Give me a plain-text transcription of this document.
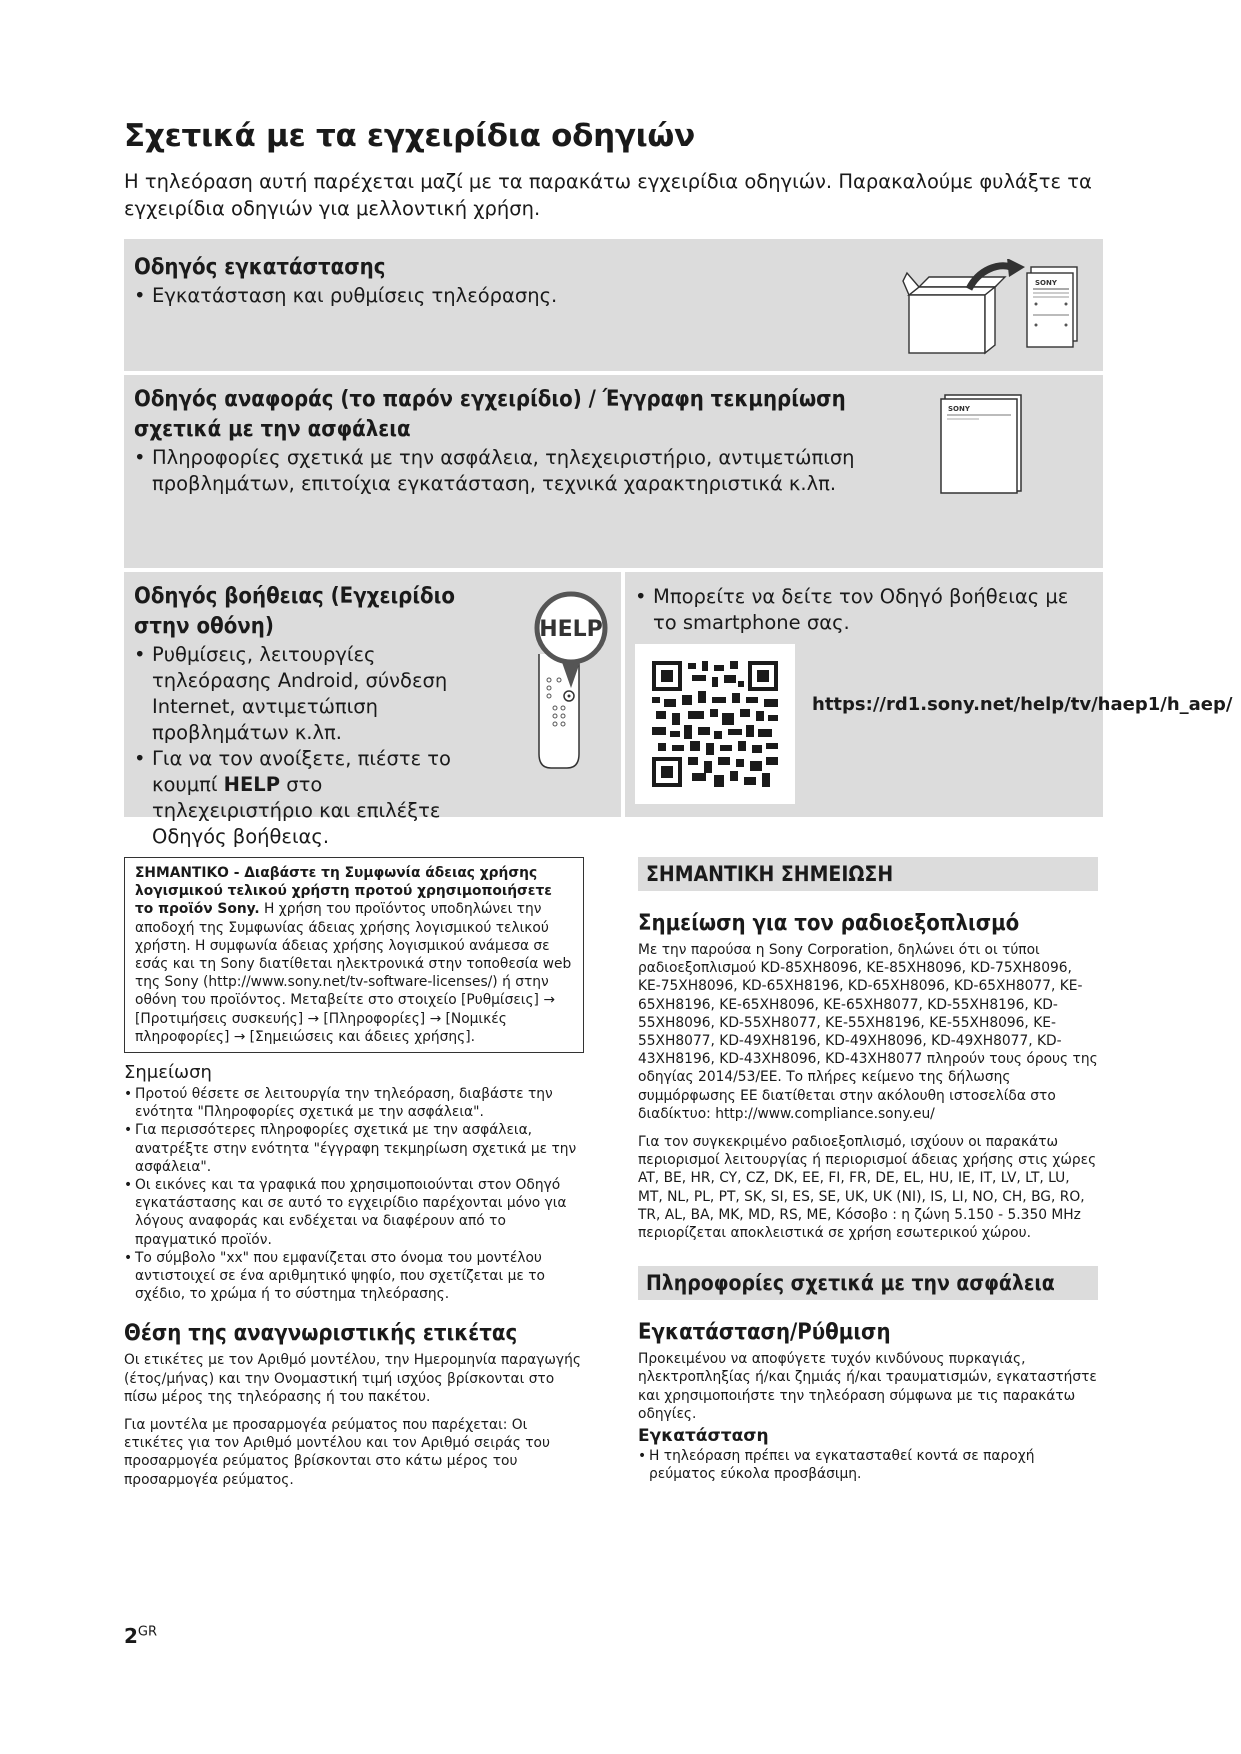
Σχετικά με τα εγχειρίδια οδηγιών

Η τηλεόραση αυτή παρέχεται μαζί με τα παρακάτω εγχειρίδια οδηγιών. Παρακαλούμε φυλάξτε τα εγχειρίδια οδηγιών για μελλοντική χρήση.

Οδηγός εγκατάστασης
• Εγκατάσταση και ρυθμίσεις τηλεόρασης.
SONY
Οδηγός αναφοράς (το παρόν εγχειρίδιο) / Έγγραφη τεκμηρίωση σχετικά με την ασφάλεια
• Πληροφορίες σχετικά με την ασφάλεια, τηλεχειριστήριο, αντιμετώπιση προβλημάτων, επιτοίχια εγκατάσταση, τεχνικά χαρακτηριστικά κ.λπ.
SONY
Οδηγός βοήθειας (Εγχειρίδιο στην οθόνη)
• Ρυθμίσεις, λειτουργίες τηλεόρασης Android, σύνδεση Internet, αντιμετώπιση προβλημάτων κ.λπ.
• Για να τον ανοίξετε, πιέστε το κουμπί HELP στο τηλεχειριστήριο και επιλέξτε Οδηγός βοήθειας.
HELP
• Μπορείτε να δείτε τον Οδηγό βοήθειας με το smartphone σας.

https://rd1.sony.net/help/tv/haep1/h_aep/

ΣΗΜΑΝΤΙΚΟ - Διαβάστε τη Συμφωνία άδειας χρήσης λογισμικού τελικού χρήστη προτού χρησιμοποιήσετε το προϊόν Sony. Η χρήση του προϊόντος υποδηλώνει την αποδοχή της Συμφωνίας άδειας χρήσης λογισμικού τελικού χρήστη. Η συμφωνία άδειας χρήσης λογισμικού ανάμεσα σε εσάς και τη Sony διατίθεται ηλεκτρονικά στην τοποθεσία web της Sony (http://www.sony.net/tv-software-licenses/) ή στην οθόνη του προϊόντος. Μεταβείτε στο στοιχείο [Ρυθμίσεις] → [Προτιμήσεις συσκευής] → [Πληροφορίες] → [Νομικές πληροφορίες] → [Σημειώσεις και άδειες χρήσης].

Σημείωση
• Προτού θέσετε σε λειτουργία την τηλεόραση, διαβάστε την ενότητα "Πληροφορίες σχετικά με την ασφάλεια".
• Για περισσότερες πληροφορίες σχετικά με την ασφάλεια, ανατρέξτε στην ενότητα "έγγραφη τεκμηρίωση σχετικά με την ασφάλεια".
• Οι εικόνες και τα γραφικά που χρησιμοποιούνται στον Οδηγό εγκατάστασης και σε αυτό το εγχειρίδιο παρέχονται μόνο για λόγους αναφοράς και ενδέχεται να διαφέρουν από το πραγματικό προϊόν.
• Το σύμβολο "xx" που εμφανίζεται στο όνομα του μοντέλου αντιστοιχεί σε ένα αριθμητικό ψηφίο, που σχετίζεται με το σχέδιο, το χρώμα ή το σύστημα τηλεόρασης.
Θέση της αναγνωριστικής ετικέτας

Οι ετικέτες με τον Αριθμό μοντέλου, την Ημερομηνία παραγωγής (έτος/μήνας) και την Ονομαστική τιμή ισχύος βρίσκονται στο πίσω μέρος της τηλεόρασης ή του πακέτου.

Για μοντέλα με προσαρμογέα ρεύματος που παρέχεται: Οι ετικέτες για τον Αριθμό μοντέλου και τον Αριθμό σειράς του προσαρμογέα ρεύματος βρίσκονται στο κάτω μέρος του προσαρμογέα ρεύματος.

ΣΗΜΑΝΤΙΚΗ ΣΗΜΕΙΩΣΗ
Σημείωση για τον ραδιοεξοπλισμό

Με την παρούσα η Sony Corporation, δηλώνει ότι οι τύποι ραδιοεξοπλισμού KD-85XH8096, KE-85XH8096, KD-75XH8096, KE-75XH8096, KD-65XH8196, KD-65XH8096, KD-65XH8077, KE-65XH8196, KE-65XH8096, KE-65XH8077, KD-55XH8196, KD-55XH8096, KD-55XH8077, KE-55XH8196, KE-55XH8096, KE-55XH8077, KD-49XH8196, KD-49XH8096, KD-49XH8077, KD-43XH8196, KD-43XH8096, KD-43XH8077 πληρούν τους όρους της οδηγίας 2014/53/ΕΕ. Το πλήρες κείμενο της δήλωσης συμμόρφωσης ΕΕ διατίθεται στην ακόλουθη ιστοσελίδα στο διαδίκτυο: http://www.compliance.sony.eu/

Για τον συγκεκριμένο ραδιοεξοπλισμό, ισχύουν οι παρακάτω περιορισμοί λειτουργίας ή περιορισμοί άδειας χρήσης στις χώρες AT, BE, HR, CY, CZ, DK, EE, FI, FR, DE, EL, HU, IE, IT, LV, LT, LU, MT, NL, PL, PT, SK, SI, ES, SE, UK, UK (NI), IS, LI, NO, CH, BG, RO, TR, AL, BA, MK, MD, RS, ME, Κόσοβο : η ζώνη 5.150 - 5.350 MHz περιορίζεται αποκλειστικά σε χρήση εσωτερικού χώρου.

Πληροφορίες σχετικά με την ασφάλεια
Εγκατάσταση/Ρύθμιση

Προκειμένου να αποφύγετε τυχόν κινδύνους πυρκαγιάς, ηλεκτροπληξίας ή/και ζημιάς ή/και τραυματισμών, εγκαταστήστε και χρησιμοποιήστε την τηλεόραση σύμφωνα με τις παρακάτω οδηγίες.

Εγκατάσταση
• Η τηλεόραση πρέπει να εγκατασταθεί κοντά σε παροχή ρεύματος εύκολα προσβάσιμη.

$2^{GR}$
